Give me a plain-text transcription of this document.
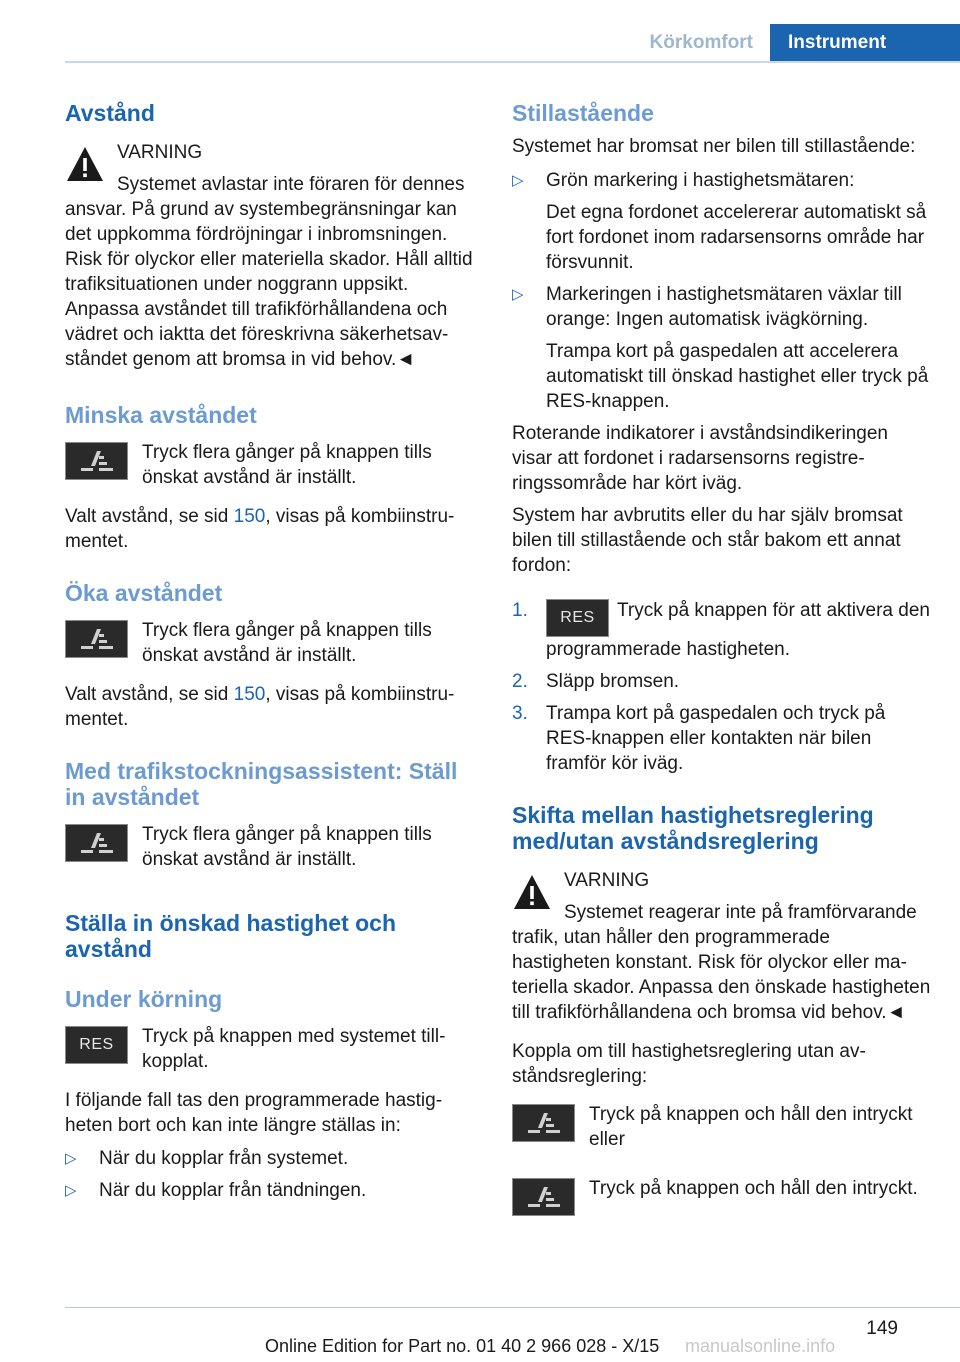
Körkomfort	Instrument
Avstånd

VARNING

Systemet avlastar inte föraren för dennes ansvar. På grund av systembegränsningar kan det uppkomma fördröjningar i inbromsningen. Risk för olyckor eller materiella skador. Håll alltid trafiksituationen under noggrann uppsikt. Anpassa avståndet till trafikförhållandena och vädret och iaktta det föreskrivna säkerhetsavståndet genom att bromsa in vid behov.◄

Minska avståndet

Tryck flera gånger på knappen tills önskat avstånd är inställt.

Valt avstånd, se sid 150, visas på kombiinstrumentet.

Öka avståndet

Tryck flera gånger på knappen tills önskat avstånd är inställt.

Valt avstånd, se sid 150, visas på kombiinstrumentet.

Med trafikstockningsassistent: Ställ in avståndet

Tryck flera gånger på knappen tills önskat avstånd är inställt.

Ställa in önskad hastighet och avstånd
Under körning
RES	Tryck på knappen med systemet tillkopplat.

I följande fall tas den programmerade hastigheten bort och kan inte längre ställas in:

▷ När du kopplar från systemet.
▷ När du kopplar från tändningen.
Stillastående

Systemet har bromsat ner bilen till stillastående:

▷ Grön markering i hastighetsmätaren:

Det egna fordonet accelererar automatiskt så fort fordonet inom radarsensorns område har försvunnit.

▷ Markeringen i hastighetsmätaren växlar till orange: Ingen automatisk ivägkörning.

Trampa kort på gaspedalen att accelerera automatiskt till önskad hastighet eller tryck på RES-knappen.

Roterande indikatorer i avståndsindikeringen visar att fordonet i radarsensorns registreringssområde har kört iväg.

System har avbrutits eller du har själv bromsat bilen till stillastående och står bakom ett annat fordon:

1. RES Tryck på knappen för att aktivera den programmerade hastigheten.
2. Släpp bromsen.
3. Trampa kort på gaspedalen och tryck på RES-knappen eller kontakten när bilen framför kör iväg.
Skifta mellan hastighetsreglering med/utan avståndsreglering

VARNING

Systemet reagerar inte på framförvarande trafik, utan håller den programmerade hastigheten konstant. Risk för olyckor eller materiella skador. Anpassa den önskade hastigheten till trafikförhållandena och bromsa vid behov.◄

Koppla om till hastighetsreglering utan avståndsreglering:

Tryck på knappen och håll den intryckt eller

Tryck på knappen och håll den intryckt.

149
Online Edition for Part no. 01 40 2 966 028 - X/15 manualsonline.info
